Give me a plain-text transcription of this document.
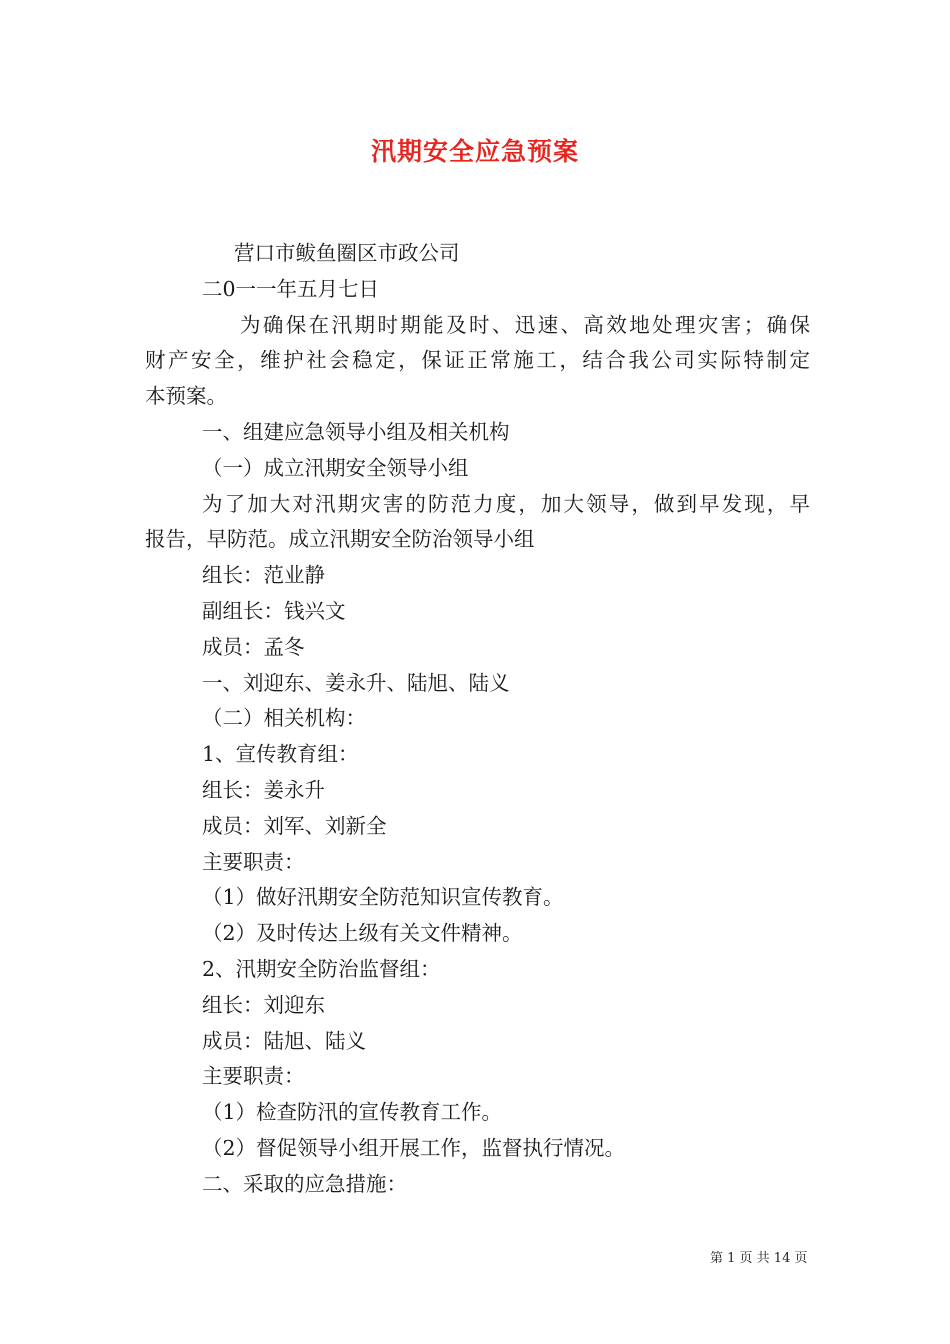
汛期安全应急预案
营口市鲅鱼圈区市政公司
二0一一年五月七日
为确保在汛期时期能及时、迅速、高效地处理灾害；确保
财产安全，维护社会稳定，保证正常施工，结合我公司实际特制定
本预案。
一、组建应急领导小组及相关机构
（一）成立汛期安全领导小组
为了加大对汛期灾害的防范力度，加大领导，做到早发现，早
报告，早防范。成立汛期安全防治领导小组
组长：范业静
副组长：钱兴文
成员：孟冬
一、刘迎东、姜永升、陆旭、陆义
（二）相关机构：
1、宣传教育组：
组长：姜永升
成员：刘军、刘新全
主要职责：
（1）做好汛期安全防范知识宣传教育。
（2）及时传达上级有关文件精神。
2、汛期安全防治监督组：
组长：刘迎东
成员：陆旭、陆义
主要职责：
（1）检查防汛的宣传教育工作。
（2）督促领导小组开展工作，监督执行情况。
二、采取的应急措施：
第 1 页 共 14 页
